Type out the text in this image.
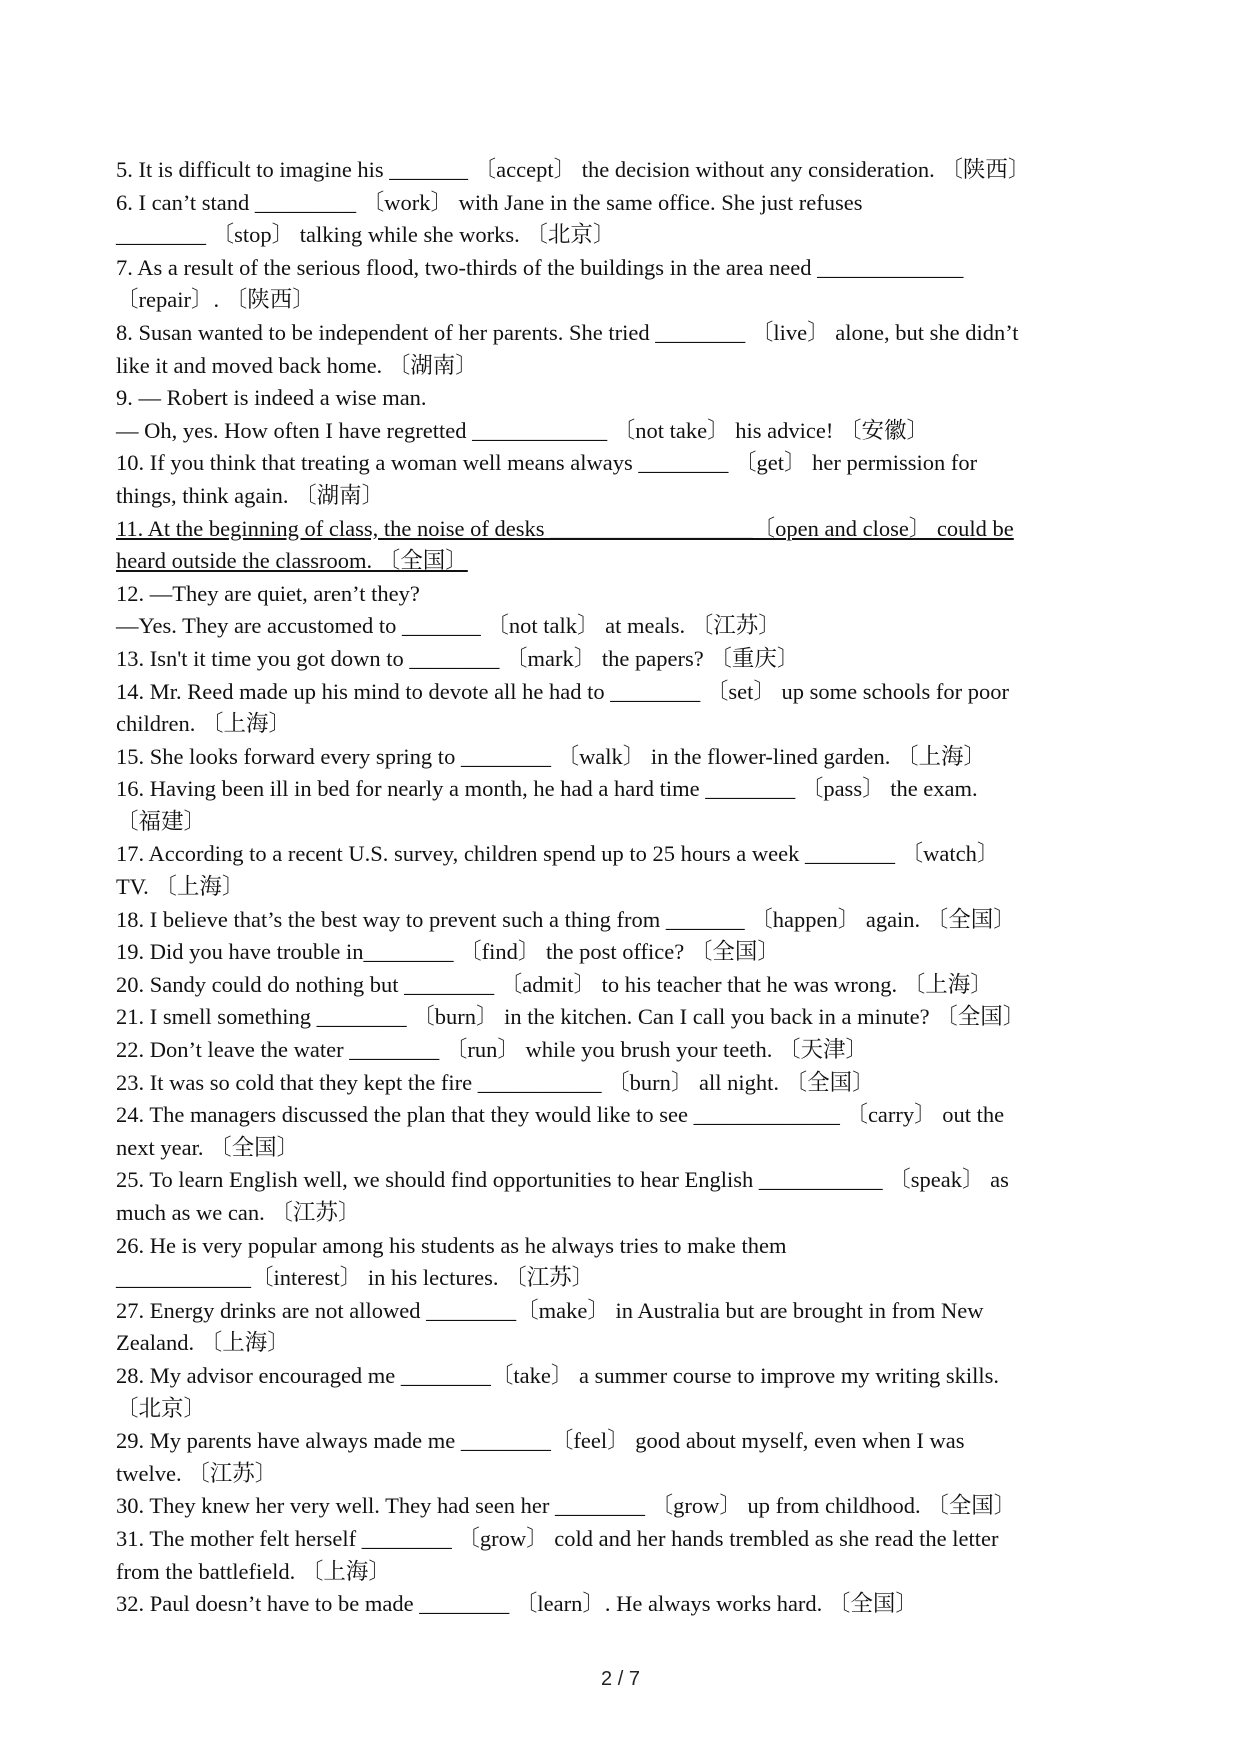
5. It is difficult to imagine his _______ 〔accept〕 the decision without any consideration. 〔陕西〕
6. I can’t stand _________ 〔work〕 with Jane in the same office. She just refuses
________ 〔stop〕 talking while she works. 〔北京〕
7. As a result of the serious flood, two-thirds of the buildings in the area need _____________
〔repair〕. 〔陕西〕
8. Susan wanted to be independent of her parents. She tried ________ 〔live〕 alone, but she didn’t
like it and moved back home. 〔湖南〕
9. — Robert is indeed a wise man.
— Oh, yes. How often I have regretted ____________ 〔not take〕 his advice! 〔安徽〕
10. If you think that treating a woman well means always ________ 〔get〕 her permission for
things, think again. 〔湖南〕
11. At the beginning of class, the noise of desks __________________〔open and close〕 could be
heard outside the classroom. 〔全国〕
12. —They are quiet, aren’t they?
—Yes. They are accustomed to _______ 〔not talk〕 at meals. 〔江苏〕
13. Isn't it time you got down to ________ 〔mark〕 the papers? 〔重庆〕
14. Mr. Reed made up his mind to devote all he had to ________ 〔set〕 up some schools for poor
children. 〔上海〕
15. She looks forward every spring to ________ 〔walk〕 in the flower-lined garden. 〔上海〕
16. Having been ill in bed for nearly a month, he had a hard time ________ 〔pass〕 the exam.
〔福建〕
17. According to a recent U.S. survey, children spend up to 25 hours a week ________ 〔watch〕
TV. 〔上海〕
18. I believe that’s the best way to prevent such a thing from _______ 〔happen〕 again. 〔全国〕
19. Did you have trouble in________ 〔find〕 the post office? 〔全国〕
20. Sandy could do nothing but ________ 〔admit〕 to his teacher that he was wrong. 〔上海〕
21. I smell something ________ 〔burn〕 in the kitchen. Can I call you back in a minute? 〔全国〕
22. Don’t leave the water ________ 〔run〕 while you brush your teeth. 〔天津〕
23. It was so cold that they kept the fire ___________ 〔burn〕 all night. 〔全国〕
24. The managers discussed the plan that they would like to see _____________ 〔carry〕 out the
next year. 〔全国〕
25. To learn English well, we should find opportunities to hear English ___________ 〔speak〕 as
much as we can. 〔江苏〕
26. He is very popular among his students as he always tries to make them
____________〔interest〕 in his lectures. 〔江苏〕
27. Energy drinks are not allowed ________〔make〕 in Australia but are brought in from New
Zealand. 〔上海〕
28. My advisor encouraged me ________〔take〕 a summer course to improve my writing skills.
〔北京〕
29. My parents have always made me ________〔feel〕 good about myself, even when I was
twelve. 〔江苏〕
30. They knew her very well. They had seen her ________ 〔grow〕 up from childhood. 〔全国〕
31. The mother felt herself ________ 〔grow〕 cold and her hands trembled as she read the letter
from the battlefield. 〔上海〕
32. Paul doesn’t have to be made ________ 〔learn〕. He always works hard. 〔全国〕
2 / 7
